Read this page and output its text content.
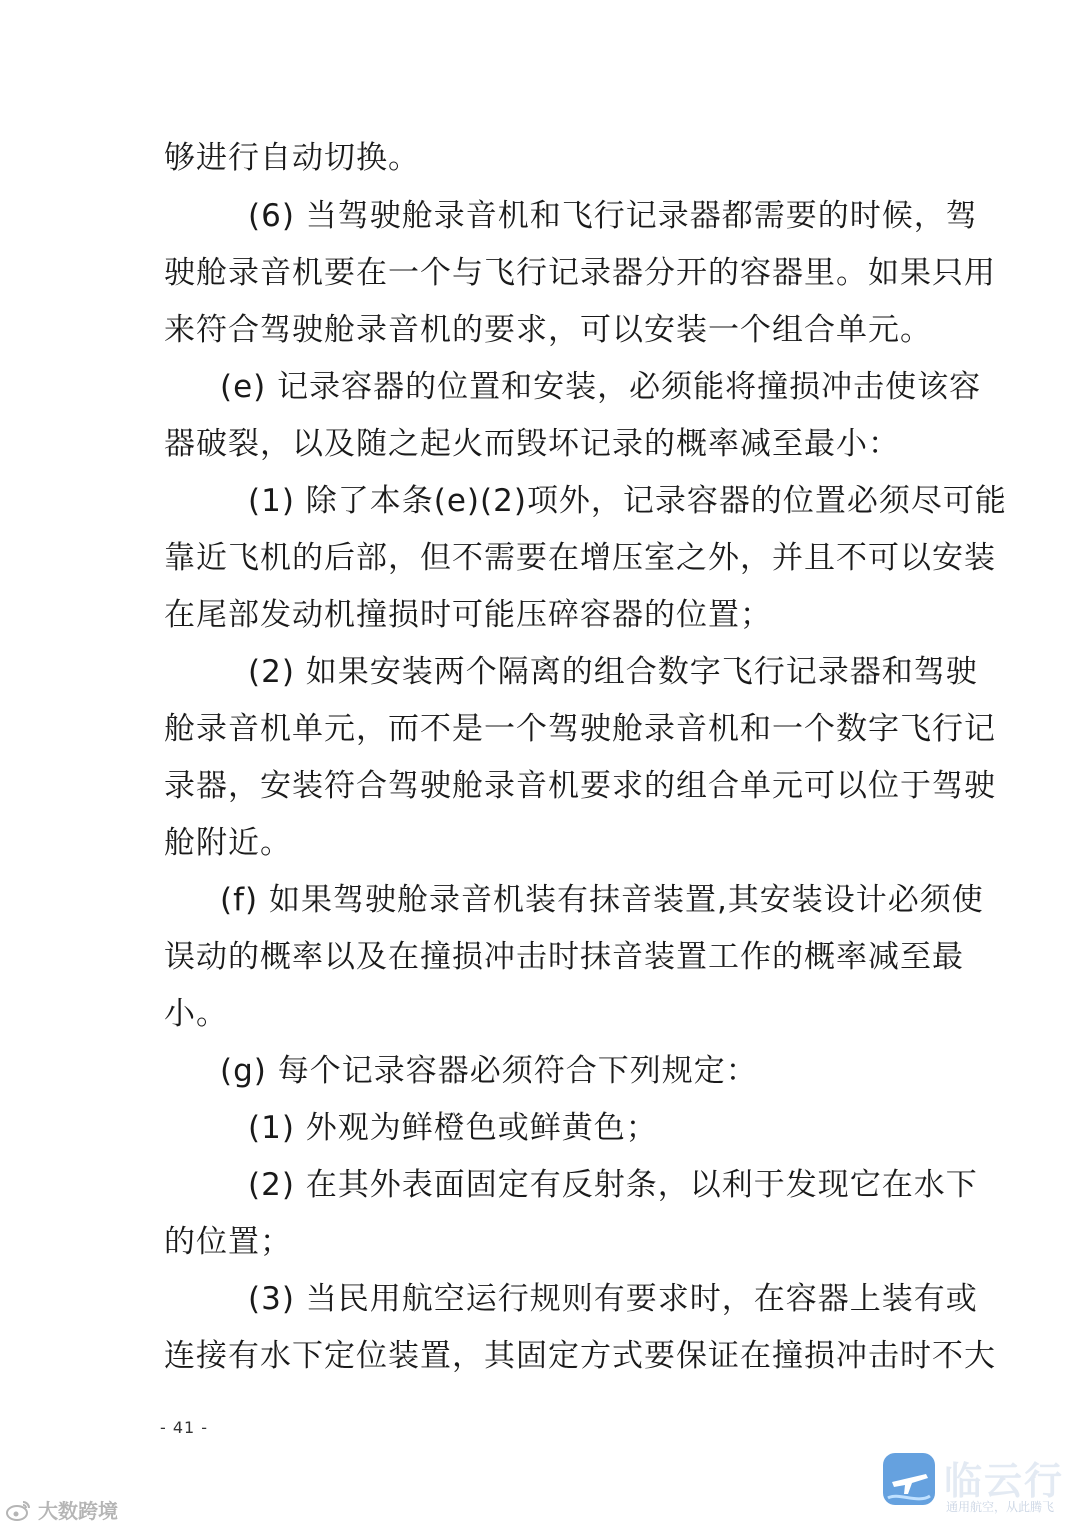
够进行自动切换。
(6) 当驾驶舱录音机和飞行记录器都需要的时候，驾
驶舱录音机要在一个与飞行记录器分开的容器里。如果只用
来符合驾驶舱录音机的要求，可以安装一个组合单元。
(e) 记录容器的位置和安装，必须能将撞损冲击使该容
器破裂，以及随之起火而毁坏记录的概率减至最小：
(1) 除了本条(e)(2)项外，记录容器的位置必须尽可能
靠近飞机的后部，但不需要在增压室之外，并且不可以安装
在尾部发动机撞损时可能压碎容器的位置；
(2) 如果安装两个隔离的组合数字飞行记录器和驾驶
舱录音机单元，而不是一个驾驶舱录音机和一个数字飞行记
录器，安装符合驾驶舱录音机要求的组合单元可以位于驾驶
舱附近。
(f) 如果驾驶舱录音机装有抹音装置,其安装设计必须使
误动的概率以及在撞损冲击时抹音装置工作的概率减至最
小。
(g) 每个记录容器必须符合下列规定：
(1) 外观为鲜橙色或鲜黄色；
(2) 在其外表面固定有反射条，以利于发现它在水下
的位置；
(3) 当民用航空运行规则有要求时，在容器上装有或
连接有水下定位装置，其固定方式要保证在撞损冲击时不大
- 41 -
大数跨境
临云行
通用航空，从此腾飞
